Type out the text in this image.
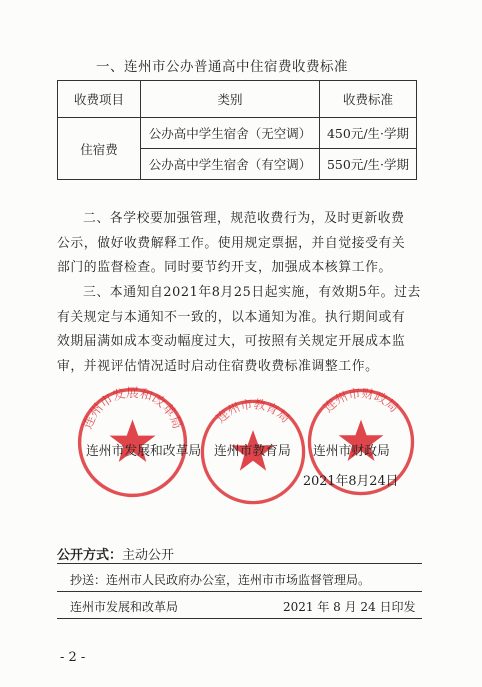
一、连州市公办普通高中住宿费收费标准
收费项目	类别	收费标准
住宿费	公办高中学生宿舍（无空调）	450元/生·学期
	公办高中学生宿舍（有空调）	550元/生·学期
二、各学校要加强管理，规范收费行为，及时更新收费
公示，做好收费解释工作。使用规定票据，并自觉接受有关
部门的监督检查。同时要节约开支，加强成本核算工作。
三、本通知自2021年8月25日起实施，有效期5年。过去
有关规定与本通知不一致的，以本通知为准。执行期间或有
效期届满如成本变动幅度过大，可按照有关规定开展成本监
审，并视评估情况适时启动住宿费收费标准调整工作。
连州市发展和改革局	连州市教育局
连州市财政局
连州市发展和改革局 连州市教育局 连州市财政局
2021年8月24日
公开方式：主动公开
抄送：连州市人民政府办公室，连州市市场监督管理局。
连州市发展和改革局	2021 年 8 月 24 日印发
- 2 -
